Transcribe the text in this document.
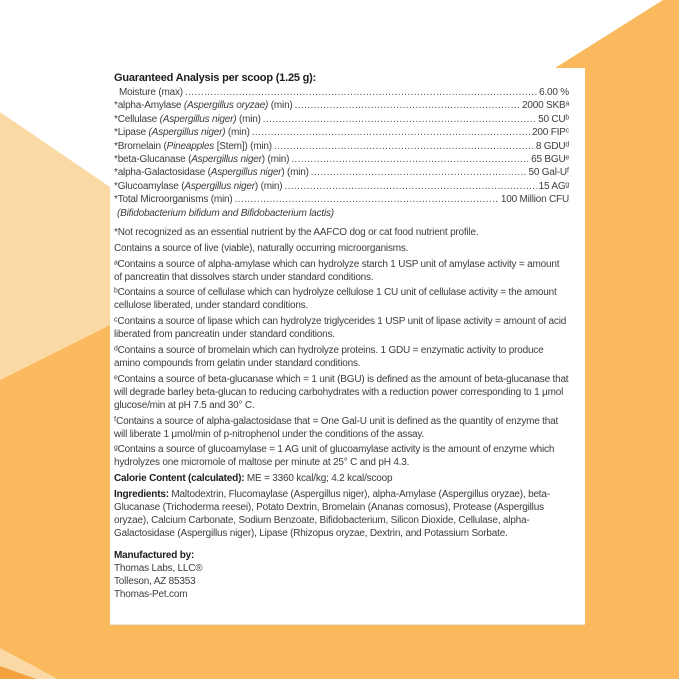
Guaranteed Analysis per scoop (1.25 g):
Moisture (max) .....	6.00 %
*alpha-Amylase (Aspergillus oryzae) (min) .....	2000 SKBᵃ
*Cellulase (Aspergillus niger) (min) .....	50 CUᵇ
*Lipase (Aspergillus niger) (min) .....	200 FIPᶜ
*Bromelain (Pineapples [Stem]) (min) .....	8 GDUᵈ
*beta-Glucanase (Aspergillus niger) (min) .....	65 BGUᵉ
*alpha-Galactosidase (Aspergillus niger) (min) .....	50 Gal-Uᶠ
*Glucoamylase (Aspergillus niger) (min) .....	15 AGᵍ
*Total Microorganisms (min) .....	100 Million CFU

(Bifidobacterium bifidum and Bifidobacterium lactis)

*Not recognized as an essential nutrient by the AAFCO dog or cat food nutrient profile.

Contains a source of live (viable), naturally occurring microorganisms.

ᵃContains a source of alpha-amylase which can hydrolyze starch 1 USP unit of amylase activity = amount of pancreatin that dissolves starch under standard conditions.

ᵇContains a source of cellulase which can hydrolyze cellulose 1 CU unit of cellulase activity = the amount cellulose liberated, under standard conditions.

ᶜContains a source of lipase which can hydrolyze triglycerides 1 USP unit of lipase activity = amount of acid liberated from pancreatin under standard conditions.

ᵈContains a source of bromelain which can hydrolyze proteins. 1 GDU = enzymatic activity to produce amino compounds from gelatin under standard conditions.

ᵉContains a source of beta-glucanase which = 1 unit (BGU) is defined as the amount of beta-glucanase that will degrade barley beta-glucan to reducing carbohydrates with a reduction power corresponding to 1 μmol glucose/min at pH 7.5 and 30° C.

ᶠContains a source of alpha-galactosidase that = One Gal-U unit is defined as the quantity of enzyme that will liberate 1 μmol/min of p-nitrophenol under the conditions of the assay.

ᵍContains a source of glucoamylase = 1 AG unit of glucoamylase activity is the amount of enzyme which hydrolyzes one micromole of maltose per minute at 25° C and pH 4.3.

Calorie Content (calculated): ME = 3360 kcal/kg; 4.2 kcal/scoop

Ingredients: Maltodextrin, Flucomaylase (Aspergillus niger), alpha-Amylase (Aspergillus oryzae), beta-Glucanase (Trichoderma reesei), Potato Dextrin, Bromelain (Ananas comosus), Protease (Aspergillus oryzae), Calcium Carbonate, Sodium Benzoate, Bifidobacterium, Silicon Dioxide, Cellulase, alpha-Galactosidase (Aspergillus niger), Lipase (Rhizopus oryzae, Dextrin, and Potassium Sorbate.

Manufactured by:

Thomas Labs, LLC®

Tolleson, AZ 85353

Thomas-Pet.com
